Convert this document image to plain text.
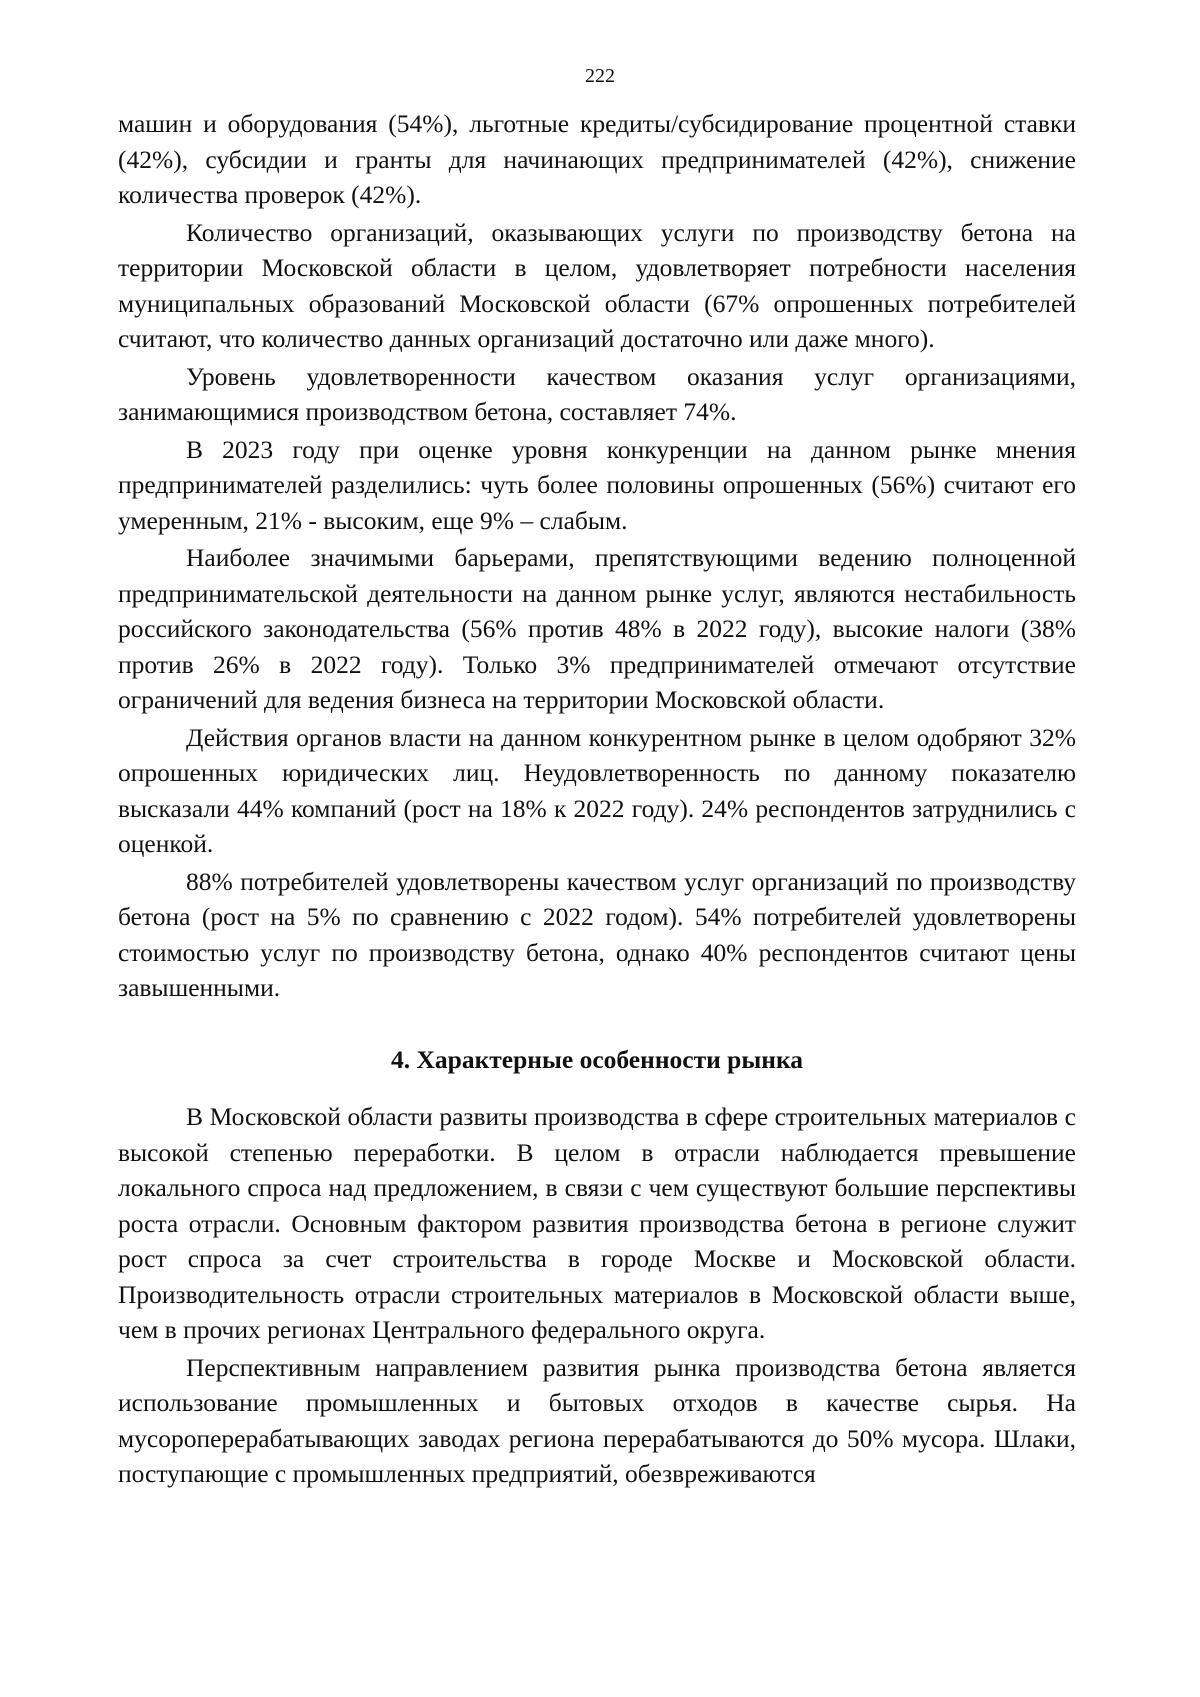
222

машин и оборудования (54%), льготные кредиты/субсидирование процентной ставки (42%), субсидии и гранты для начинающих предпринимателей (42%), снижение количества проверок (42%).

Количество организаций, оказывающих услуги по производству бетона на территории Московской области в целом, удовлетворяет потребности населения муниципальных образований Московской области (67% опрошенных потребителей считают, что количество данных организаций достаточно или даже много).

Уровень удовлетворенности качеством оказания услуг организациями, занимающимися производством бетона, составляет 74%.

В 2023 году при оценке уровня конкуренции на данном рынке мнения предпринимателей разделились: чуть более половины опрошенных (56%) считают его умеренным, 21% - высоким, еще 9% – слабым.

Наиболее значимыми барьерами, препятствующими ведению полноценной предпринимательской деятельности на данном рынке услуг, являются нестабильность российского законодательства (56% против 48% в 2022 году), высокие налоги (38% против 26% в 2022 году). Только 3% предпринимателей отмечают отсутствие ограничений для ведения бизнеса на территории Московской области.

Действия органов власти на данном конкурентном рынке в целом одобряют 32% опрошенных юридических лиц. Неудовлетворенность по данному показателю высказали 44% компаний (рост на 18% к 2022 году). 24% респондентов затруднились с оценкой.

88% потребителей удовлетворены качеством услуг организаций по производству бетона (рост на 5% по сравнению с 2022 годом). 54% потребителей удовлетворены стоимостью услуг по производству бетона, однако 40% респондентов считают цены завышенными.

4. Характерные особенности рынка

В Московской области развиты производства в сфере строительных материалов с высокой степенью переработки. В целом в отрасли наблюдается превышение локального спроса над предложением, в связи с чем существуют большие перспективы роста отрасли. Основным фактором развития производства бетона в регионе служит рост спроса за счет строительства в городе Москве и Московской области. Производительность отрасли строительных материалов в Московской области выше, чем в прочих регионах Центрального федерального округа.

Перспективным направлением развития рынка производства бетона является использование промышленных и бытовых отходов в качестве сырья. На мусороперерабатывающих заводах региона перерабатываются до 50% мусора. Шлаки, поступающие с промышленных предприятий, обезвреживаются
